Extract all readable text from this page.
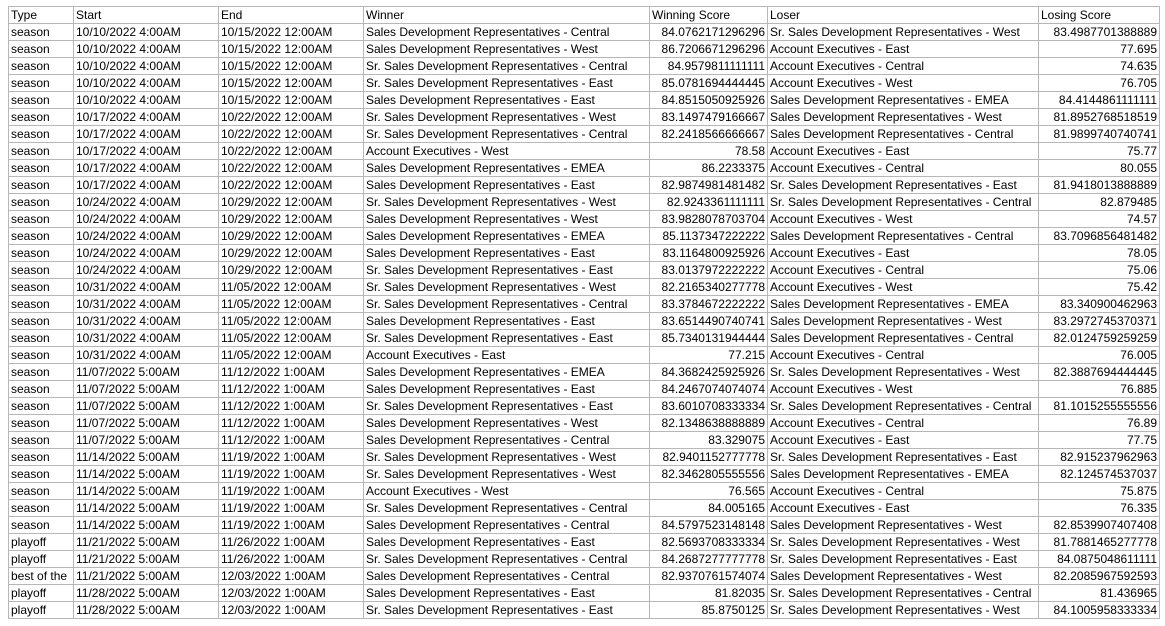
Type	Start	End	Winner	Winning Score	Loser	Losing Score
season	10/10/2022 4:00AM	10/15/2022 12:00AM	Sales Development Representatives - Central	84.0762171296296	Sr. Sales Development Representatives - West	83.4987701388889
season	10/10/2022 4:00AM	10/15/2022 12:00AM	Sales Development Representatives - West	86.7206671296296	Account Executives - East	77.695
season	10/10/2022 4:00AM	10/15/2022 12:00AM	Sr. Sales Development Representatives - Central	84.9579811111111	Account Executives - Central	74.635
season	10/10/2022 4:00AM	10/15/2022 12:00AM	Sr. Sales Development Representatives - East	85.0781694444445	Account Executives - West	76.705
season	10/10/2022 4:00AM	10/15/2022 12:00AM	Sales Development Representatives - East	84.8515050925926	Sales Development Representatives - EMEA	84.4144861111111
season	10/17/2022 4:00AM	10/22/2022 12:00AM	Sr. Sales Development Representatives - West	83.1497479166667	Sales Development Representatives - West	81.8952768518519
season	10/17/2022 4:00AM	10/22/2022 12:00AM	Sr. Sales Development Representatives - Central	82.2418566666667	Sales Development Representatives - Central	81.9899740740741
season	10/17/2022 4:00AM	10/22/2022 12:00AM	Account Executives - West	78.58	Account Executives - East	75.77
season	10/17/2022 4:00AM	10/22/2022 12:00AM	Sales Development Representatives - EMEA	86.2233375	Account Executives - Central	80.055
season	10/17/2022 4:00AM	10/22/2022 12:00AM	Sales Development Representatives - East	82.9874981481482	Sr. Sales Development Representatives - East	81.9418013888889
season	10/24/2022 4:00AM	10/29/2022 12:00AM	Sr. Sales Development Representatives - West	82.9243361111111	Sr. Sales Development Representatives - Central	82.879485
season	10/24/2022 4:00AM	10/29/2022 12:00AM	Sales Development Representatives - West	83.9828078703704	Account Executives - West	74.57
season	10/24/2022 4:00AM	10/29/2022 12:00AM	Sales Development Representatives - EMEA	85.1137347222222	Sales Development Representatives - Central	83.7096856481482
season	10/24/2022 4:00AM	10/29/2022 12:00AM	Sales Development Representatives - East	83.1164800925926	Account Executives - East	78.05
season	10/24/2022 4:00AM	10/29/2022 12:00AM	Sr. Sales Development Representatives - East	83.0137972222222	Account Executives - Central	75.06
season	10/31/2022 4:00AM	11/05/2022 12:00AM	Sr. Sales Development Representatives - West	82.2165340277778	Account Executives - West	75.42
season	10/31/2022 4:00AM	11/05/2022 12:00AM	Sr. Sales Development Representatives - Central	83.3784672222222	Sales Development Representatives - EMEA	83.340900462963
season	10/31/2022 4:00AM	11/05/2022 12:00AM	Sales Development Representatives - East	83.6514490740741	Sales Development Representatives - West	83.2972745370371
season	10/31/2022 4:00AM	11/05/2022 12:00AM	Sr. Sales Development Representatives - East	85.7340131944444	Sales Development Representatives - Central	82.0124759259259
season	10/31/2022 4:00AM	11/05/2022 12:00AM	Account Executives - East	77.215	Account Executives - Central	76.005
season	11/07/2022 5:00AM	11/12/2022 1:00AM	Sales Development Representatives - EMEA	84.3682425925926	Sr. Sales Development Representatives - West	82.3887694444445
season	11/07/2022 5:00AM	11/12/2022 1:00AM	Sales Development Representatives - East	84.2467074074074	Account Executives - West	76.885
season	11/07/2022 5:00AM	11/12/2022 1:00AM	Sr. Sales Development Representatives - East	83.6010708333334	Sr. Sales Development Representatives - Central	81.1015255555556
season	11/07/2022 5:00AM	11/12/2022 1:00AM	Sales Development Representatives - West	82.1348638888889	Account Executives - Central	76.89
season	11/07/2022 5:00AM	11/12/2022 1:00AM	Sales Development Representatives - Central	83.329075	Account Executives - East	77.75
season	11/14/2022 5:00AM	11/19/2022 1:00AM	Sr. Sales Development Representatives - West	82.9401152777778	Sr. Sales Development Representatives - East	82.915237962963
season	11/14/2022 5:00AM	11/19/2022 1:00AM	Sr. Sales Development Representatives - West	82.3462805555556	Sales Development Representatives - EMEA	82.124574537037
season	11/14/2022 5:00AM	11/19/2022 1:00AM	Account Executives - West	76.565	Account Executives - Central	75.875
season	11/14/2022 5:00AM	11/19/2022 1:00AM	Sr. Sales Development Representatives - Central	84.005165	Account Executives - East	76.335
season	11/14/2022 5:00AM	11/19/2022 1:00AM	Sales Development Representatives - Central	84.5797523148148	Sales Development Representatives - West	82.8539907407408
playoff	11/21/2022 5:00AM	11/26/2022 1:00AM	Sales Development Representatives - East	82.5693708333334	Sr. Sales Development Representatives - West	81.7881465277778
playoff	11/21/2022 5:00AM	11/26/2022 1:00AM	Sr. Sales Development Representatives - Central	84.2687277777778	Sr. Sales Development Representatives - East	84.0875048611111
best of the	11/21/2022 5:00AM	12/03/2022 1:00AM	Sales Development Representatives - Central	82.9370761574074	Sales Development Representatives - West	82.2085967592593
playoff	11/28/2022 5:00AM	12/03/2022 1:00AM	Sales Development Representatives - East	81.82035	Sr. Sales Development Representatives - Central	81.436965
playoff	11/28/2022 5:00AM	12/03/2022 1:00AM	Sr. Sales Development Representatives - East	85.8750125	Sr. Sales Development Representatives - West	84.1005958333334
